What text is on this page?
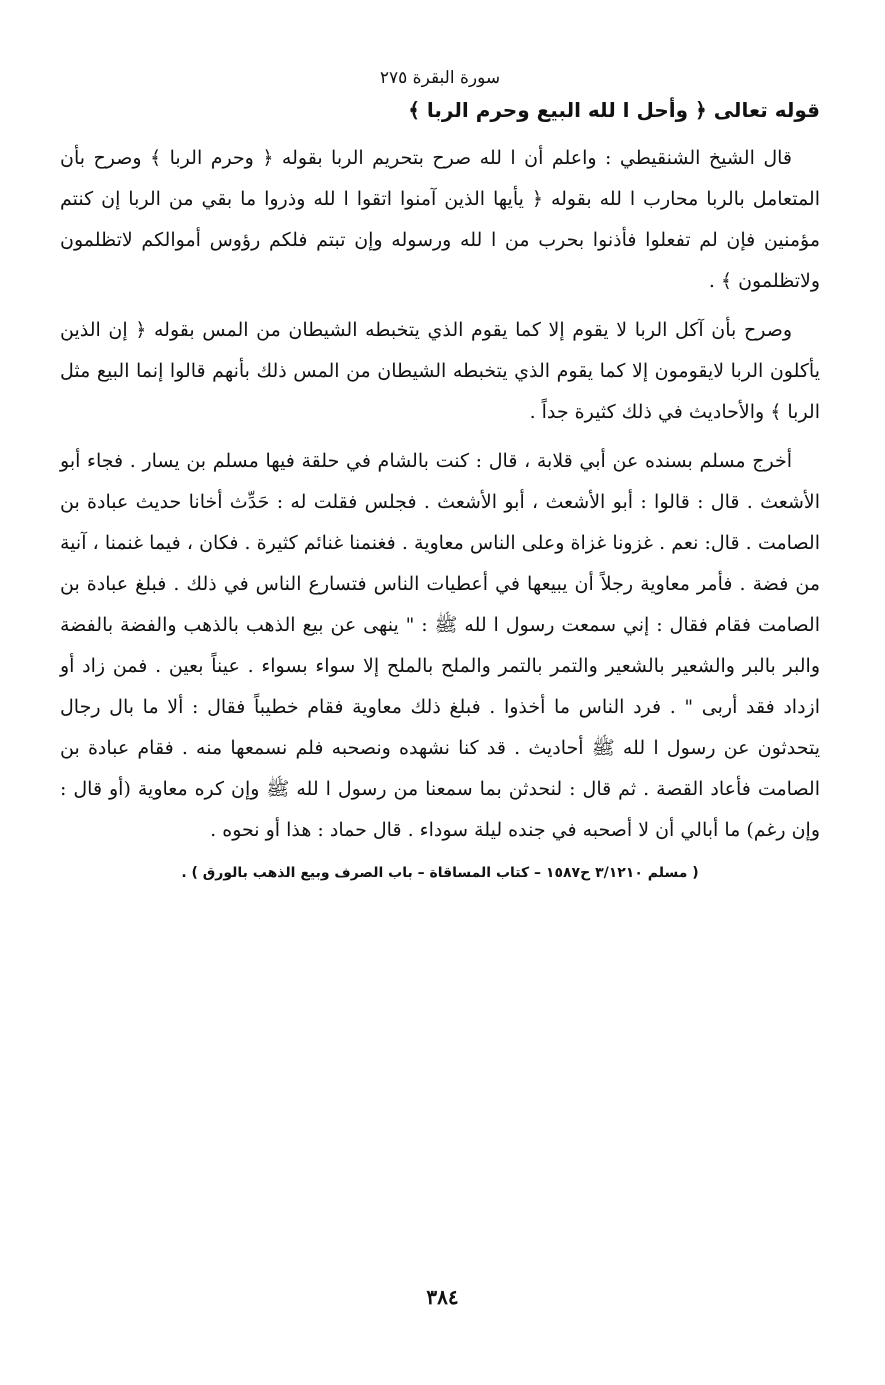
سورة البقرة ٢٧٥
قوله تعالى ﴿ وأحل ا لله البيع وحرم الربا ﴾

قال الشيخ الشنقيطي : واعلم أن ا لله صرح بتحريم الربا بقوله ﴿ وحرم الربا ﴾ وصرح بأن المتعامل بالربا محارب ا لله بقوله ﴿ يأيها الذين آمنوا اتقوا ا لله وذروا ما بقي من الربا إن كنتم مؤمنين فإن لم تفعلوا فأذنوا بحرب من ا لله ورسوله وإن تبتم فلكم رؤوس أموالكم لاتظلمون ولاتظلمون ﴾ .

وصرح بأن آكل الربا لا يقوم إلا كما يقوم الذي يتخبطه الشيطان من المس بقوله ﴿ إن الذين يأكلون الربا لايقومون إلا كما يقوم الذي يتخبطه الشيطان من المس ذلك بأنهم قالوا إنما البيع مثل الربا ﴾ والأحاديث في ذلك كثيرة جداً .

أخرج مسلم بسنده عن أبي قلابة ، قال : كنت بالشام في حلقة فيها مسلم بن يسار . فجاء أبو الأشعث . قال : قالوا : أبو الأشعث ، أبو الأشعث . فجلس فقلت له : حَدِّث أخانا حديث عبادة بن الصامت . قال: نعم . غزونا غزاة وعلى الناس معاوية . فغنمنا غنائم كثيرة . فكان ، فيما غنمنا ، آنية من فضة . فأمر معاوية رجلاً أن يبيعها في أعطيات الناس فتسارع الناس في ذلك . فبلغ عبادة بن الصامت فقام فقال : إني سمعت رسول ا لله ﷺ : " ينهى عن بيع الذهب بالذهب والفضة بالفضة والبر بالبر والشعير بالشعير والتمر بالتمر والملح بالملح إلا سواء بسواء . عيناً بعين . فمن زاد أو ازداد فقد أربى " . فرد الناس ما أخذوا . فبلغ ذلك معاوية فقام خطيباً فقال : ألا ما بال رجال يتحدثون عن رسول ا لله ﷺ أحاديث . قد كنا نشهده ونصحبه فلم نسمعها منه . فقام عبادة بن الصامت فأعاد القصة . ثم قال : لنحدثن بما سمعنا من رسول ا لله ﷺ وإن كره معاوية (أو قال : وإن رغم) ما أبالي أن لا أصحبه في جنده ليلة سوداء . قال حماد : هذا أو نحوه .

( مسلم ٣/١٢١٠ ح١٥٨٧ – كتاب المساقاة – باب الصرف وبيع الذهب بالورق ) .
٣٨٤
